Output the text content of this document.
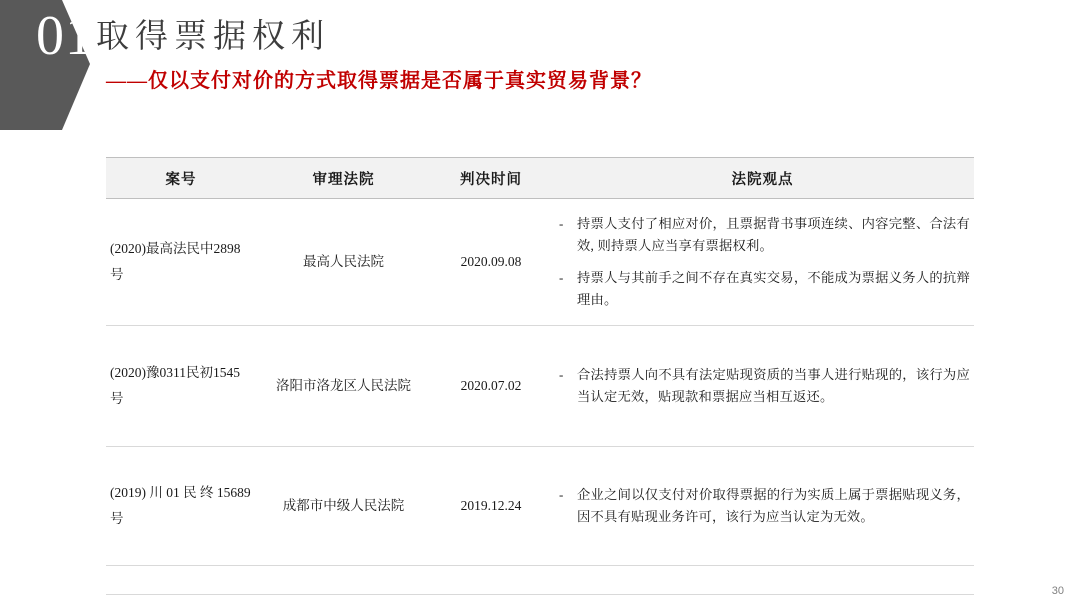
01 取得票据权利
——仅以支付对价的方式取得票据是否属于真实贸易背景？
案号	审理法院	判决时间	法院观点
(2020)最高法民中2898号	最高人民法院	2020.09.08	- 持票人支付了相应对价，且票据背书事项连续、内容完整、合法有效, 则持票人应当享有票据权利。
- 持票人与其前手之间不存在真实交易，不能成为票据义务人的抗辩理由。

(2020)豫0311民初1545号	洛阳市洛龙区人民法院	2020.07.02	- 合法持票人向不具有法定贴现资质的当事人进行贴现的，该行为应当认定无效，贴现款和票据应当相互返还。

(2019) 川 01 民 终 15689号	成都市中级人民法院	2019.12.24	- 企业之间以仅支付对价取得票据的行为实质上属于票据贴现义务，因不具有贴现业务许可，该行为应当认定为无效。

30
